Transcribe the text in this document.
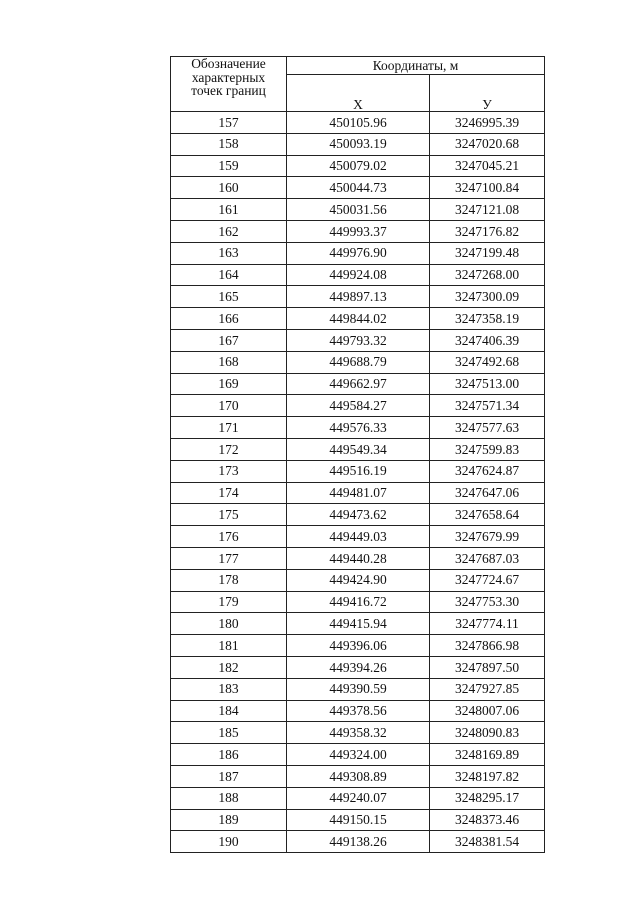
Обозначение
характерных
точек границ	Координаты, м	
	X	У
157	450105.96	3246995.39
158	450093.19	3247020.68
159	450079.02	3247045.21
160	450044.73	3247100.84
161	450031.56	3247121.08
162	449993.37	3247176.82
163	449976.90	3247199.48
164	449924.08	3247268.00
165	449897.13	3247300.09
166	449844.02	3247358.19
167	449793.32	3247406.39
168	449688.79	3247492.68
169	449662.97	3247513.00
170	449584.27	3247571.34
171	449576.33	3247577.63
172	449549.34	3247599.83
173	449516.19	3247624.87
174	449481.07	3247647.06
175	449473.62	3247658.64
176	449449.03	3247679.99
177	449440.28	3247687.03
178	449424.90	3247724.67
179	449416.72	3247753.30
180	449415.94	3247774.11
181	449396.06	3247866.98
182	449394.26	3247897.50
183	449390.59	3247927.85
184	449378.56	3248007.06
185	449358.32	3248090.83
186	449324.00	3248169.89
187	449308.89	3248197.82
188	449240.07	3248295.17
189	449150.15	3248373.46
190	449138.26	3248381.54
